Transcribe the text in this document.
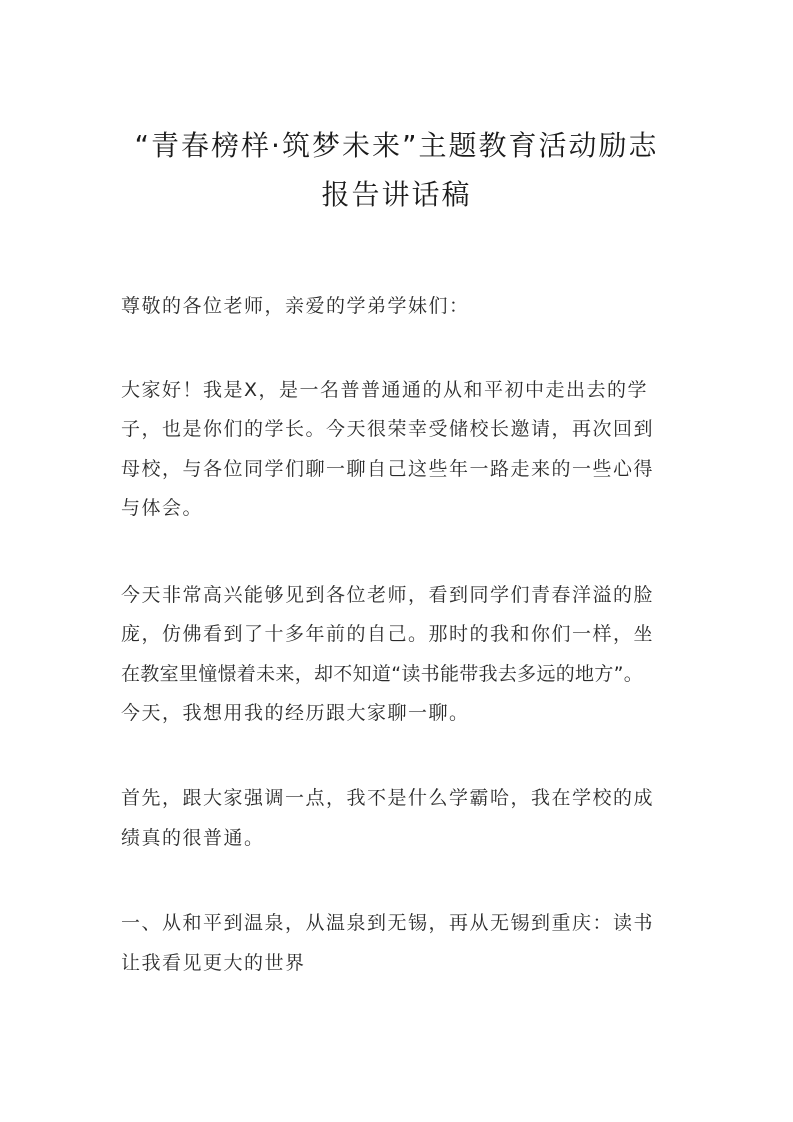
“青春榜样·筑梦未来”主题教育活动励志
报告讲话稿
尊敬的各位老师，亲爱的学弟学妹们：
大家好！我是X，是一名普普通通的从和平初中走出去的学
子，也是你们的学长。今天很荣幸受储校长邀请，再次回到
母校，与各位同学们聊一聊自己这些年一路走来的一些心得
与体会。
今天非常高兴能够见到各位老师，看到同学们青春洋溢的脸
庞，仿佛看到了十多年前的自己。那时的我和你们一样，坐
在教室里憧憬着未来，却不知道“读书能带我去多远的地方”。
今天，我想用我的经历跟大家聊一聊。
首先，跟大家强调一点，我不是什么学霸哈，我在学校的成
绩真的很普通。
一、从和平到温泉，从温泉到无锡，再从无锡到重庆：读书
让我看见更大的世界
